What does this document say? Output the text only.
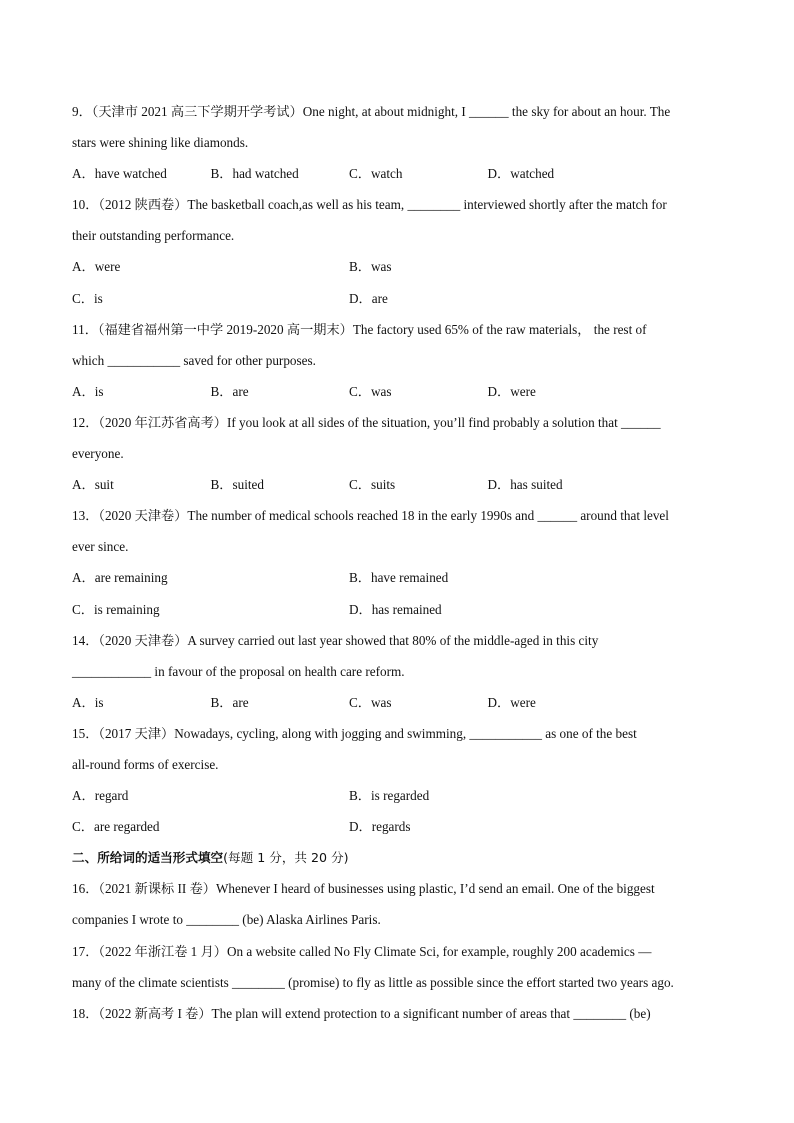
9．（天津市 2021 高三下学期开学考试）One night, at about midnight, I ______ the sky for about an hour. The
stars were shining like diamonds.
A．have watched	B．had watched	C．watch	D．watched
10．（2012 陕西卷）The basketball coach,as well as his team, ________ interviewed shortly after the match for
their outstanding performance.
A．were	B．was
C．is	D．are
11．（福建省福州第一中学 2019-2020 高一期末）The factory used 65% of the raw materials， the rest of
which ___________ saved for other purposes.
A．is	B．are	C．was	D．were
12．（2020 年江苏省高考）If you look at all sides of the situation, you’ll find probably a solution that ______
everyone.
A．suit	B．suited	C．suits	D．has suited
13．（2020 天津卷）The number of medical schools reached 18 in the early 1990s and ______ around that level
ever since.
A．are remaining	B．have remained
C．is remaining	D．has remained
14．（2020 天津卷）A survey carried out last year showed that 80% of the middle-aged in this city
____________ in favour of the proposal on health care reform.
A．is	B．are	C．was	D．were
15．（2017 天津）Nowadays, cycling, along with jogging and swimming, ___________ as one of the best
all-round forms of exercise.
A．regard	B．is regarded
C．are regarded	D．regards
二、所给词的适当形式填空(每题 1 分，共 20 分)
16．（2021 新课标 II 卷）Whenever I heard of businesses using plastic, I’d send an email. One of the biggest
companies I wrote to ________ (be) Alaska Airlines Paris.
17．（2022 年浙江卷 1 月）On a website called No Fly Climate Sci, for example, roughly 200 academics —
many of the climate scientists ________ (promise) to fly as little as possible since the effort started two years ago.
18．（2022 新高考 I 卷）The plan will extend protection to a significant number of areas that ________ (be)
